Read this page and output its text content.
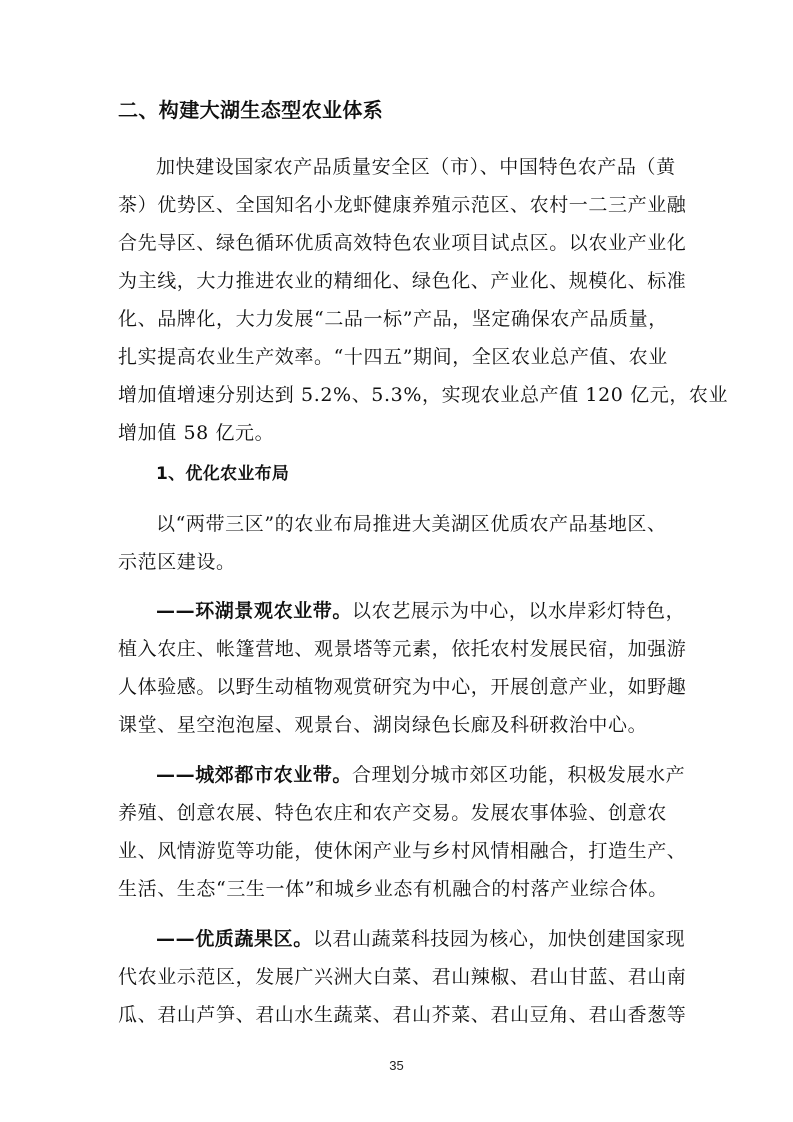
二、构建大湖生态型农业体系
加快建设国家农产品质量安全区（市）、中国特色农产品（黄
茶）优势区、全国知名小龙虾健康养殖示范区、农村一二三产业融
合先导区、绿色循环优质高效特色农业项目试点区。以农业产业化
为主线，大力推进农业的精细化、绿色化、产业化、规模化、标准
化、品牌化，大力发展“二品一标”产品，坚定确保农产品质量，
扎实提高农业生产效率。“十四五”期间，全区农业总产值、农业
增加值增速分别达到 5.2%、5.3%，实现农业总产值 120 亿元，农业
增加值 58 亿元。
1、优化农业布局
以“两带三区”的农业布局推进大美湖区优质农产品基地区、
示范区建设。
——环湖景观农业带。以农艺展示为中心，以水岸彩灯特色，
植入农庄、帐篷营地、观景塔等元素，依托农村发展民宿，加强游
人体验感。以野生动植物观赏研究为中心，开展创意产业，如野趣
课堂、星空泡泡屋、观景台、湖岗绿色长廊及科研救治中心。
——城郊都市农业带。合理划分城市郊区功能，积极发展水产
养殖、创意农展、特色农庄和农产交易。发展农事体验、创意农
业、风情游览等功能，使休闲产业与乡村风情相融合，打造生产、
生活、生态“三生一体”和城乡业态有机融合的村落产业综合体。
——优质蔬果区。以君山蔬菜科技园为核心，加快创建国家现
代农业示范区，发展广兴洲大白菜、君山辣椒、君山甘蓝、君山南
瓜、君山芦笋、君山水生蔬菜、君山芥菜、君山豆角、君山香葱等
35
